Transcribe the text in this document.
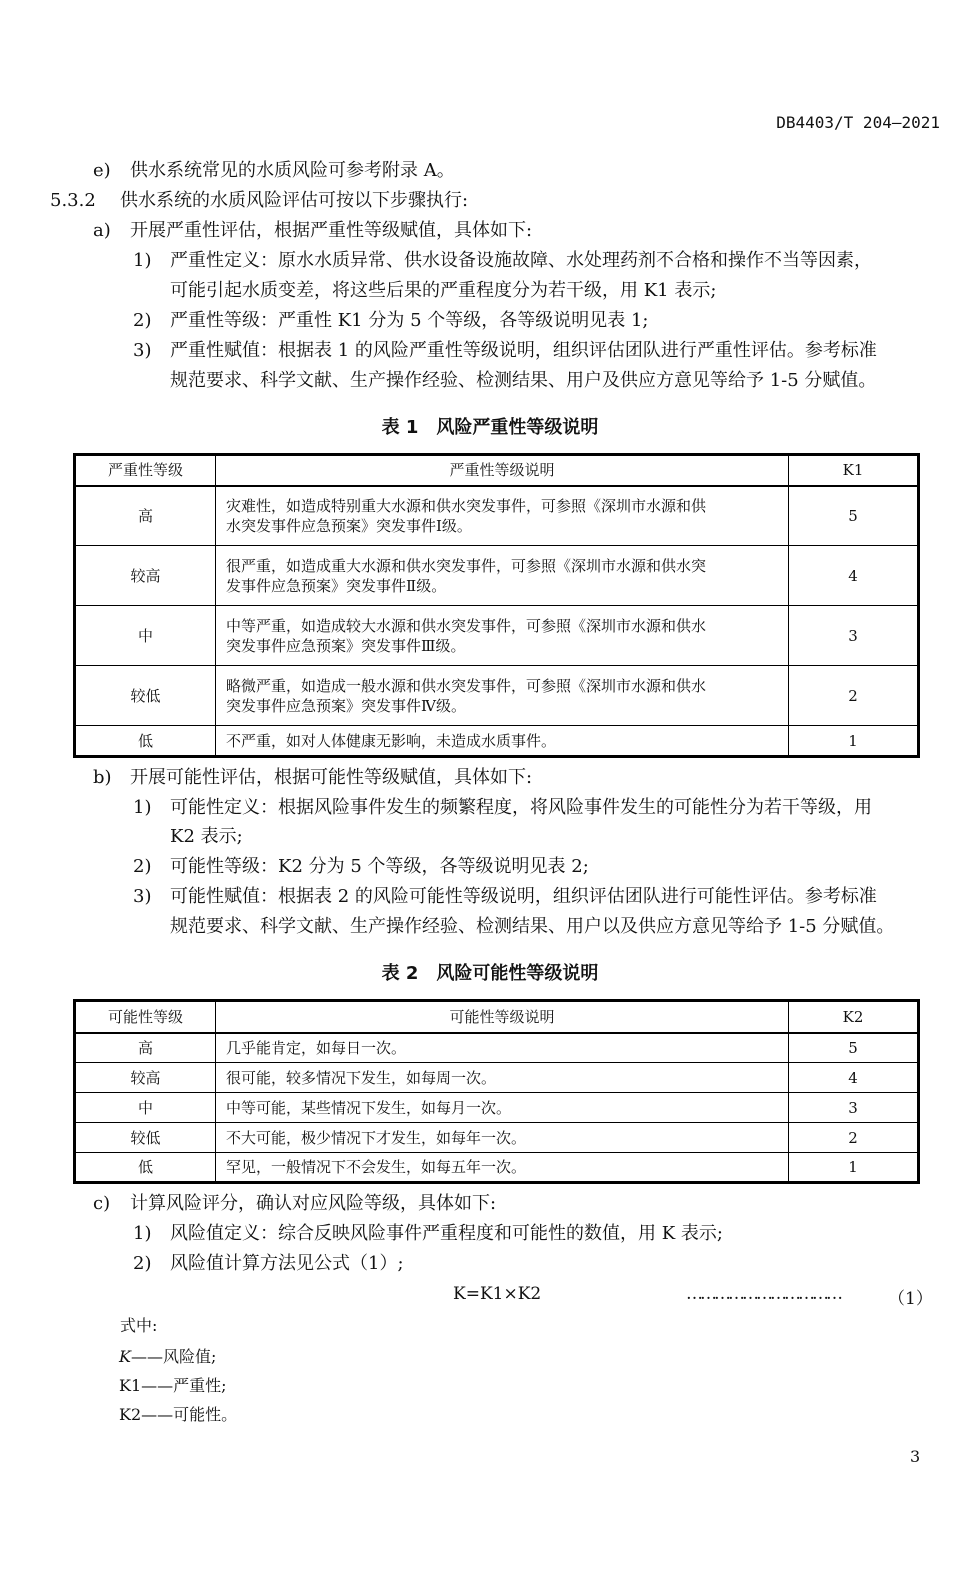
DB4403/T 204—2021
e) 供水系统常见的水质风险可参考附录 A。
5.3.2 供水系统的水质风险评估可按以下步骤执行:
a) 开展严重性评估，根据严重性等级赋值，具体如下:
1) 严重性定义：原水水质异常、供水设备设施故障、水处理药剂不合格和操作不当等因素，
可能引起水质变差，将这些后果的严重程度分为若干级，用 K1 表示;
2) 严重性等级：严重性 K1 分为 5 个等级，各等级说明见表 1;
3) 严重性赋值：根据表 1 的风险严重性等级说明，组织评估团队进行严重性评估。参考标准
规范要求、科学文献、生产操作经验、检测结果、用户及供应方意见等给予 1-5 分赋值。
表 1　风险严重性等级说明
严重性等级	严重性等级说明	K1
高	灾难性，如造成特别重大水源和供水突发事件，可参照《深圳市水源和供
水突发事件应急预案》突发事件Ⅰ级。	5
较高	很严重，如造成重大水源和供水突发事件，可参照《深圳市水源和供水突
发事件应急预案》突发事件Ⅱ级。	4
中	中等严重，如造成较大水源和供水突发事件，可参照《深圳市水源和供水
突发事件应急预案》突发事件Ⅲ级。	3
较低	略微严重，如造成一般水源和供水突发事件，可参照《深圳市水源和供水
突发事件应急预案》突发事件Ⅳ级。	2
低	不严重，如对人体健康无影响，未造成水质事件。	1
b) 开展可能性评估，根据可能性等级赋值，具体如下:
1) 可能性定义：根据风险事件发生的频繁程度，将风险事件发生的可能性分为若干等级，用
K2 表示;
2) 可能性等级：K2 分为 5 个等级，各等级说明见表 2;
3) 可能性赋值：根据表 2 的风险可能性等级说明，组织评估团队进行可能性评估。参考标准
规范要求、科学文献、生产操作经验、检测结果、用户以及供应方意见等给予 1-5 分赋值。
表 2　风险可能性等级说明
可能性等级	可能性等级说明	K2
高	几乎能肯定，如每日一次。	5
较高	很可能，较多情况下发生，如每周一次。	4
中	中等可能，某些情况下发生，如每月一次。	3
较低	不大可能，极少情况下才发生，如每年一次。	2
低	罕见，一般情况下不会发生，如每五年一次。	1
c) 计算风险评分，确认对应风险等级，具体如下:
1) 风险值定义：综合反映风险事件严重程度和可能性的数值，用 K 表示;
2) 风险值计算方法见公式（1）;
K=K1×K2	……………………………	（1）
式中:
K——风险值;
K1——严重性;
K2——可能性。
3
